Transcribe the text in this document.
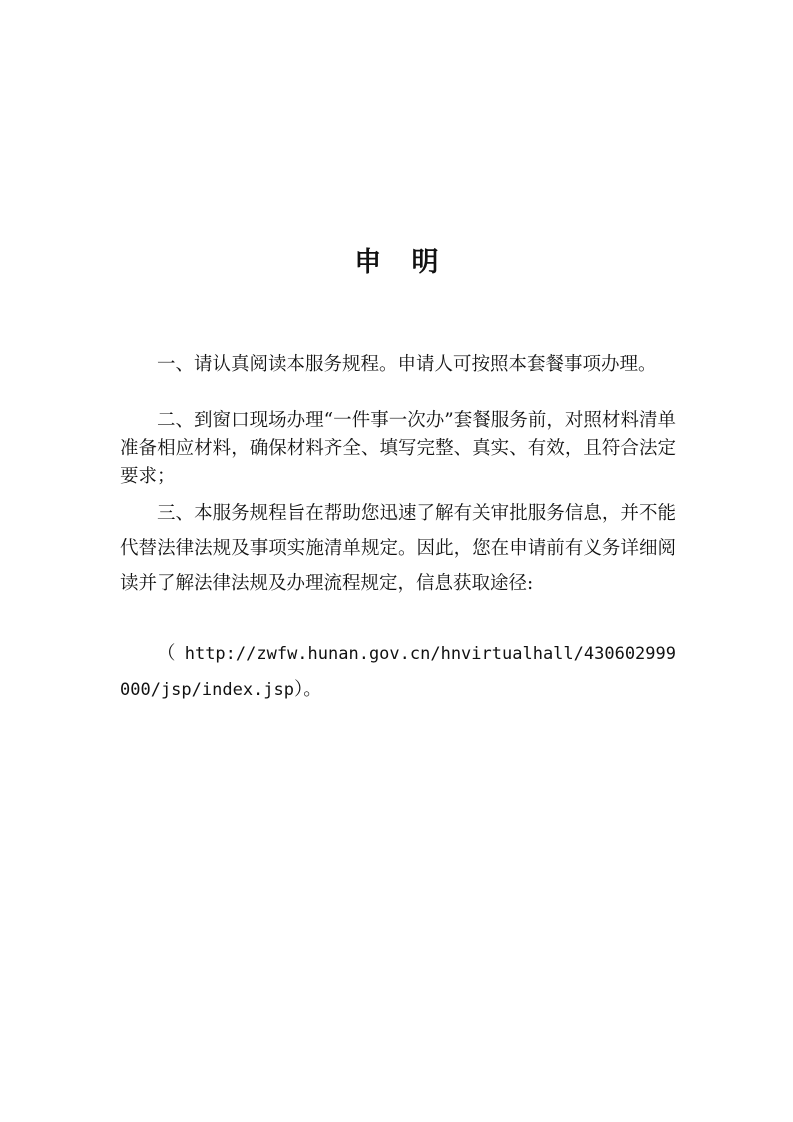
申 明

一、请认真阅读本服务规程。申请人可按照本套餐事项办理。

二、到窗口现场办理“一件事一次办”套餐服务前，对照材料清单准备相应材料，确保材料齐全、填写完整、真实、有效，且符合法定要求；

三、本服务规程旨在帮助您迅速了解有关审批服务信息，并不能代替法律法规及事项实施清单规定。因此，您在申请前有义务详细阅读并了解法律法规及办理流程规定，信息获取途径:

（ http://zwfw.hunan.gov.cn/hnvirtualhall/430602999000/jsp/index.jsp）。
